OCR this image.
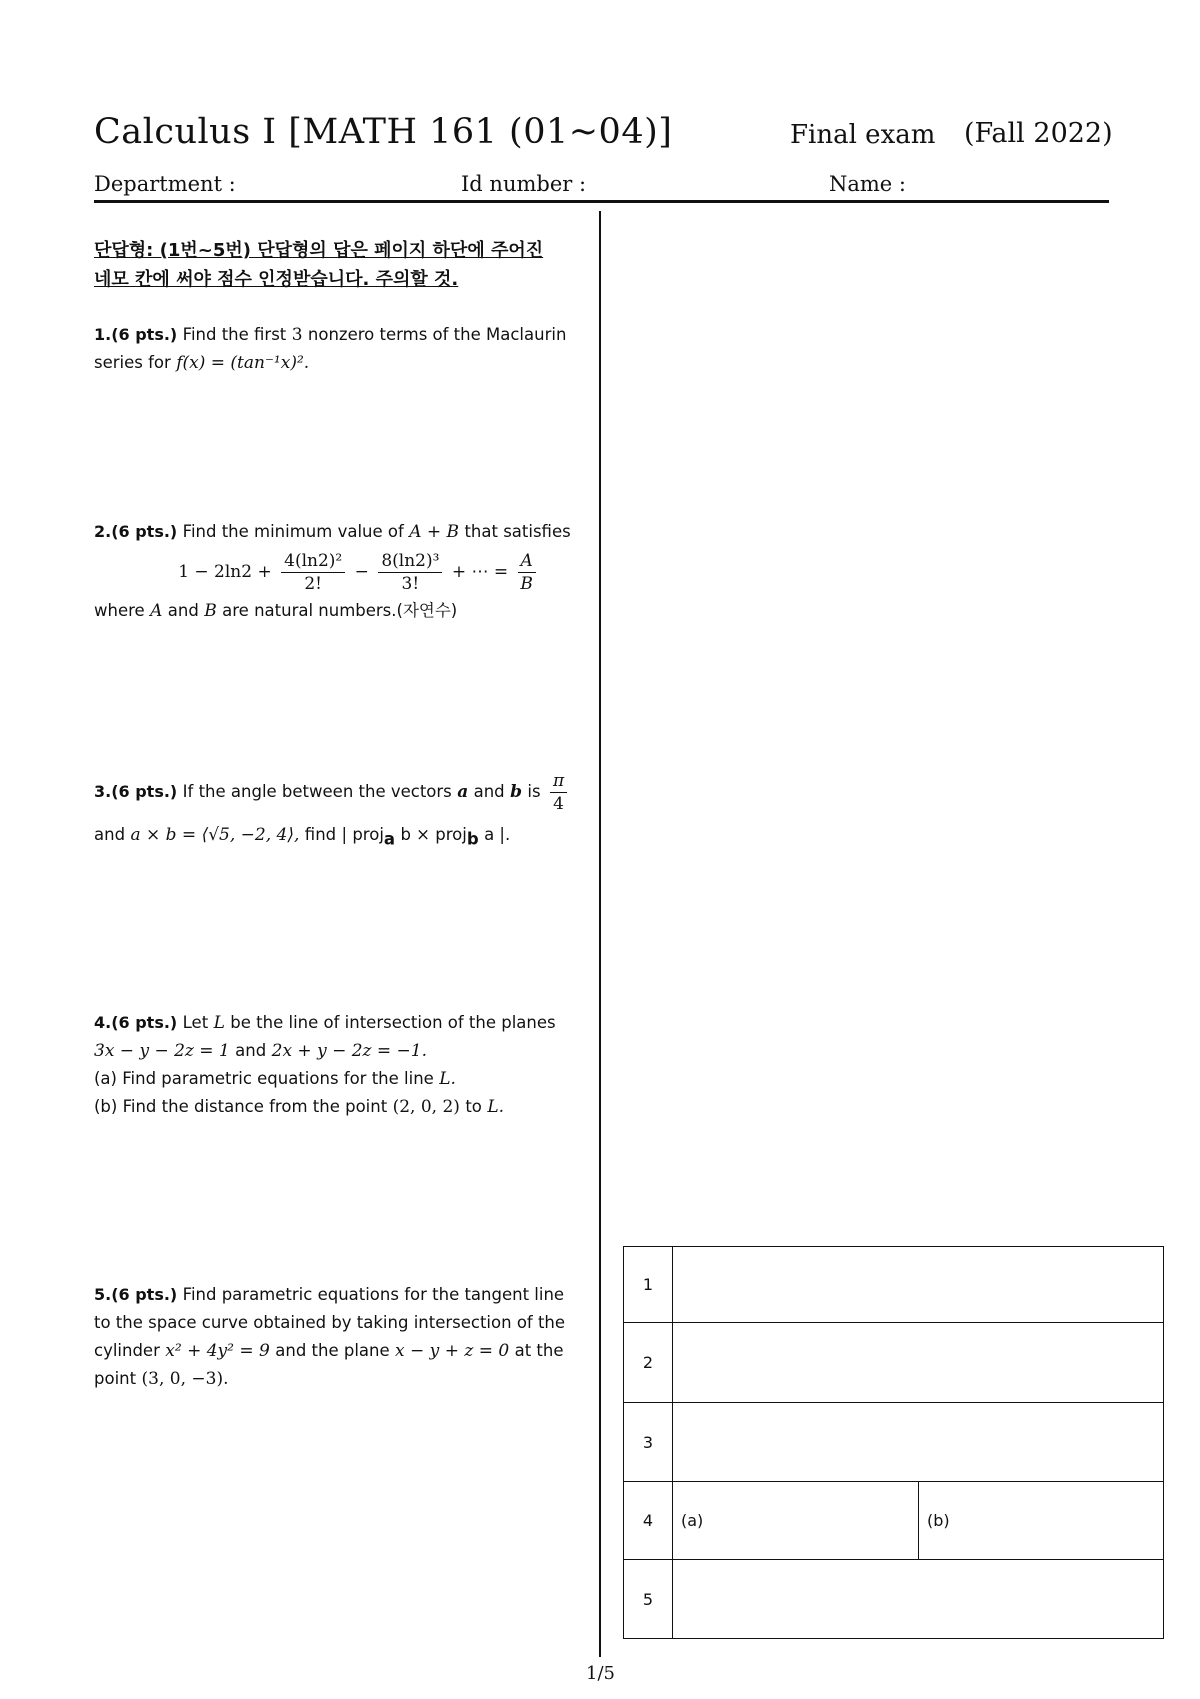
Calculus I [MATH 161 (01~04)]	Final exam (Fall 2022)
Department :	Id number :	Name :
단답형: (1번~5번) 단답형의 답은 페이지 하단에 주어진
네모 칸에 써야 점수 인정받습니다. 주의할 것.
1.(6 pts.) Find the first 3 nonzero terms of the Maclaurin series for f(x) = (tan⁻¹x)².
2.(6 pts.) Find the minimum value of A + B that satisfies
$1 - 2\ln 2 + \frac{\text{4(ln2)²}}{2!} - \frac{\text{8(ln2)³}}{3!}$ + ⋯ = $\frac{A}{B}$
where A and B are natural numbers.(자연수)
3.(6 pts.) If the angle between the vectors a and b is $\frac{\pi}{4}$
and a × b = ⟨√5, −2, 4⟩, find | proj$_a$ b × proj$_b$ a |.
4.(6 pts.) Let L be the line of intersection of the planes
3x − y − 2z = 1 and 2x + y − 2z = −1.
(a) Find parametric equations for the line L.
(b) Find the distance from the point (2, 0, 2) to L.
5.(6 pts.) Find parametric equations for the tangent line to the space curve obtained by taking intersection of the cylinder x² + 4y² = 9 and the plane x − y + z = 0 at the point (3, 0, −3).
1		
2		
3		
4	(a)	(b)
5		
1/5
